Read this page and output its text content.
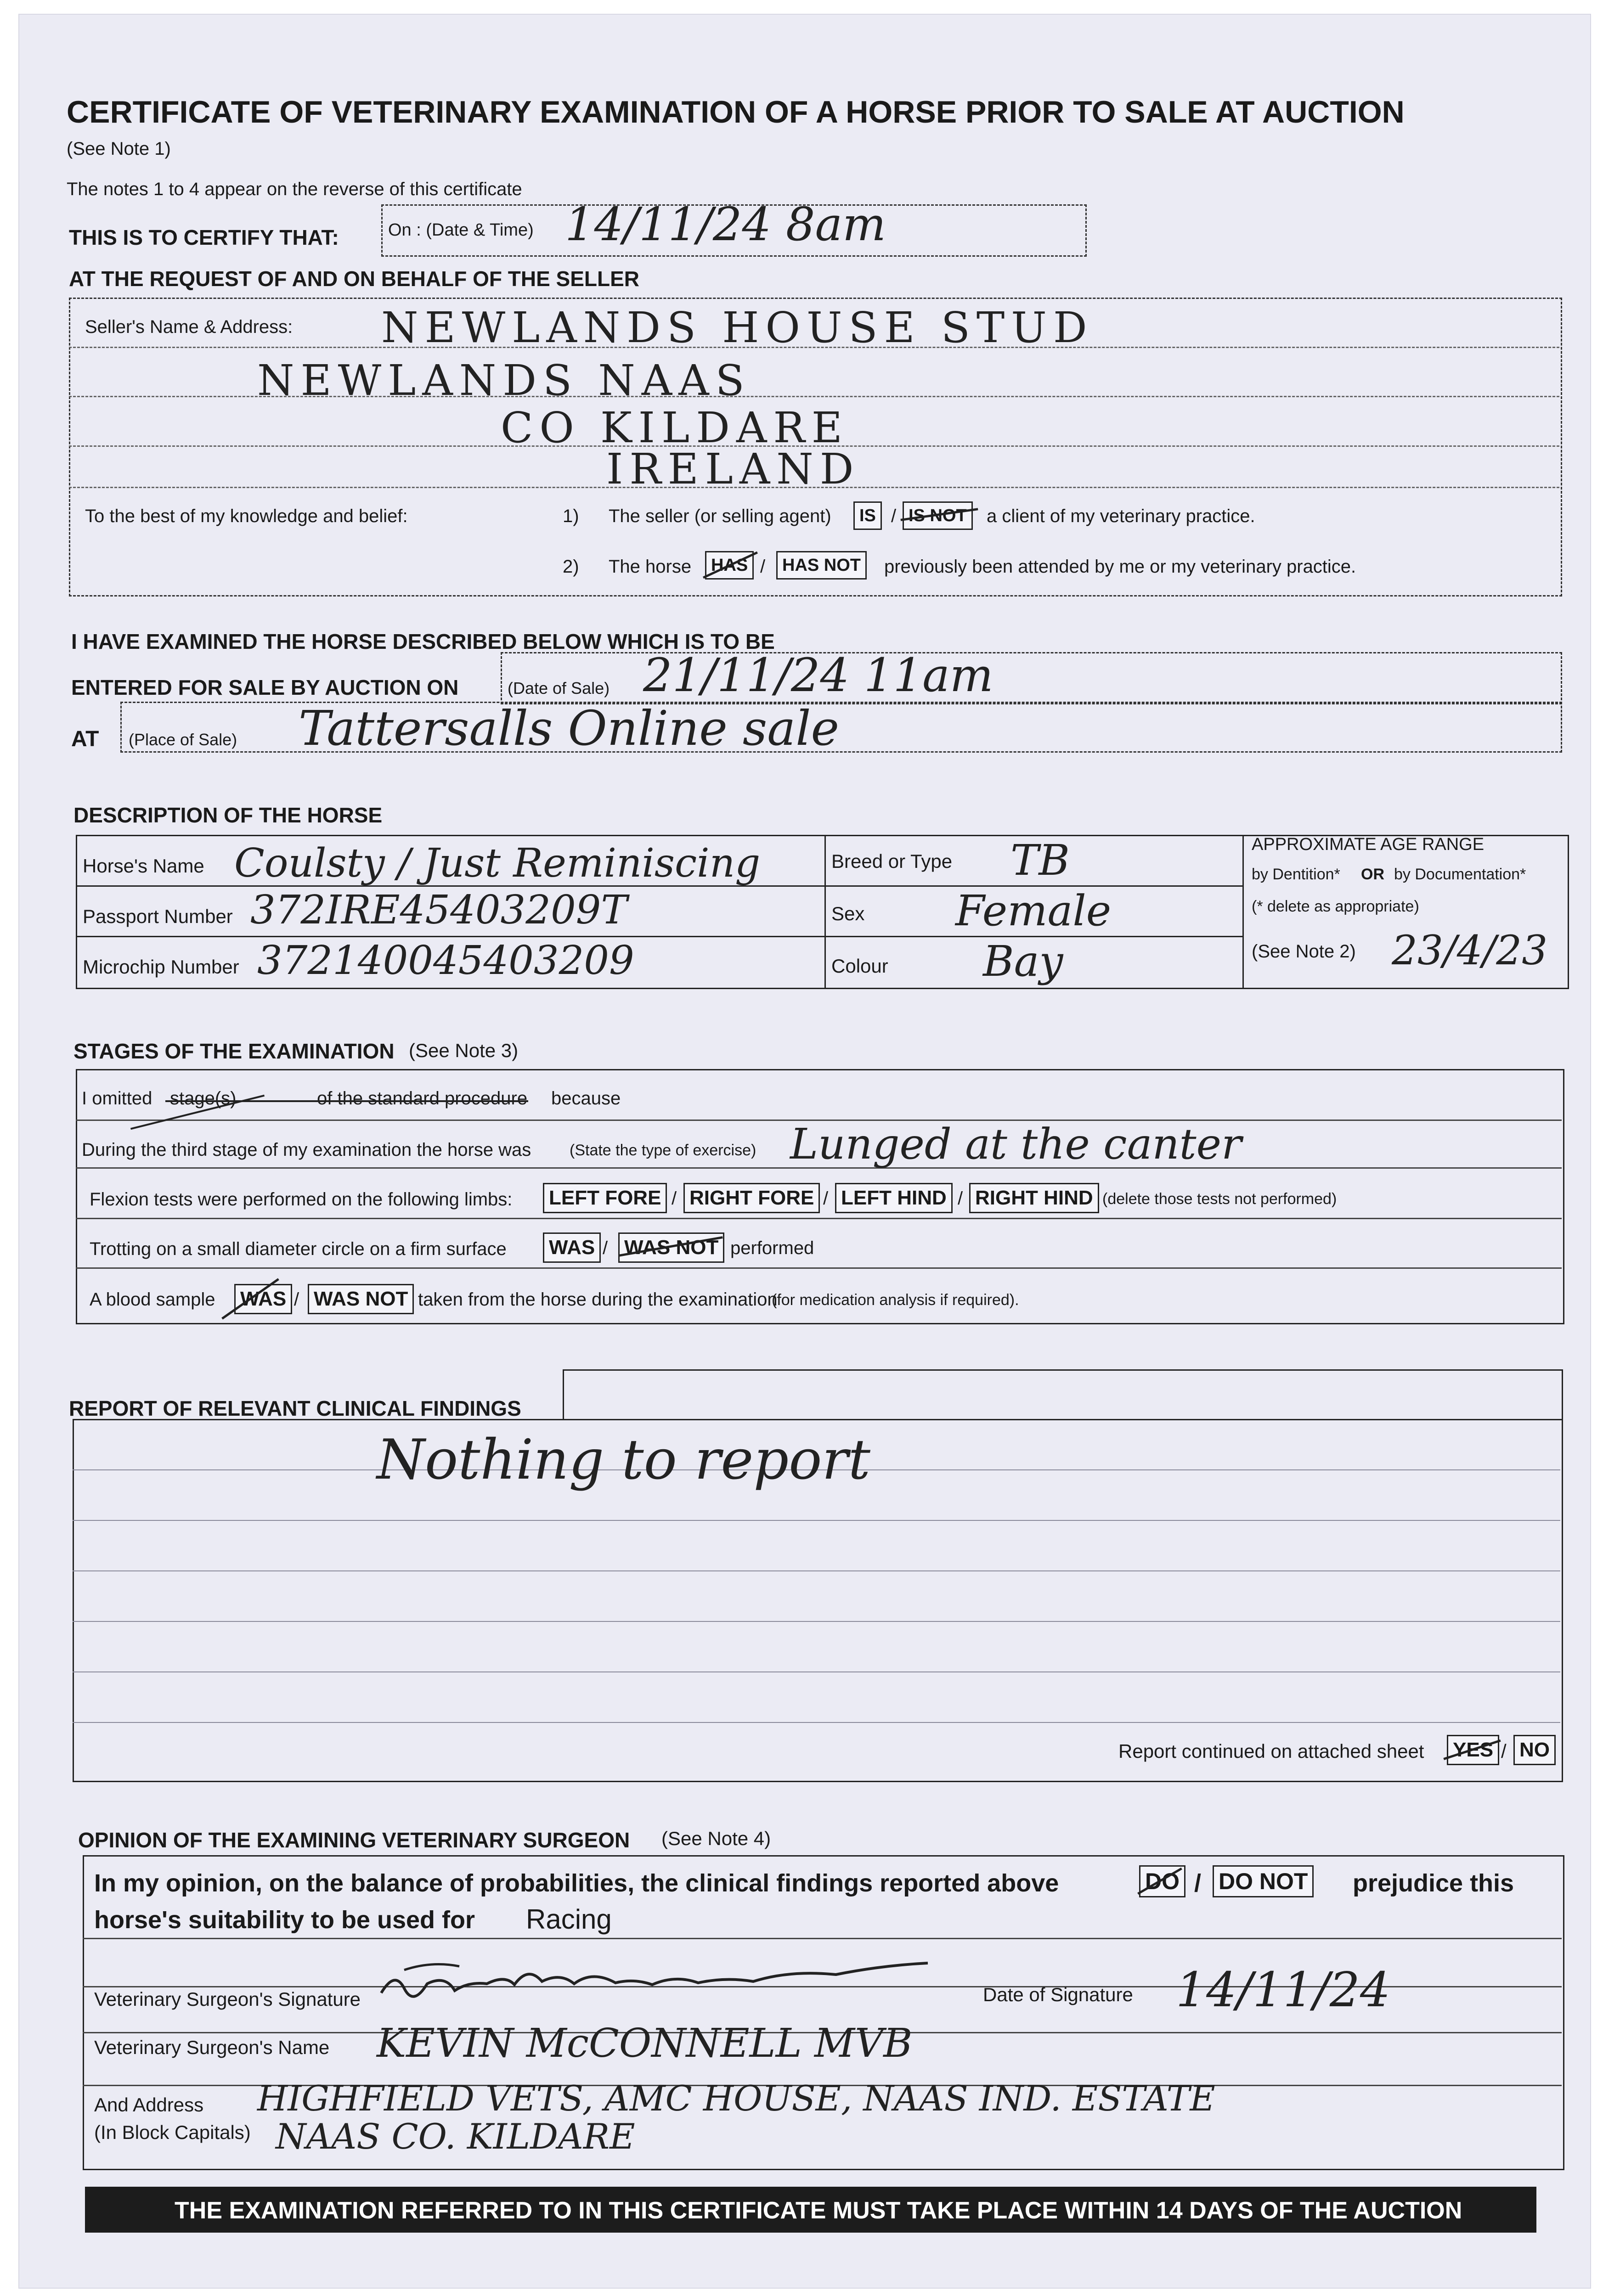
CERTIFICATE OF VETERINARY EXAMINATION OF A HORSE PRIOR TO SALE AT AUCTION
(See Note 1)
The notes 1 to 4 appear on the reverse of this certificate
THIS IS TO CERTIFY THAT:	On : (Date & Time) 14/11/24 8am
AT THE REQUEST OF AND ON BEHALF OF THE SELLER
Seller's Name & Address: NEWLANDS HOUSE STUD
NEWLANDS NAAS
CO KILDARE
IRELAND
To the best of my knowledge and belief:	1) The seller (or selling agent)	IS / IS NOT	a client of my veterinary practice.
2) The horse	HAS / HAS NOT	previously been attended by me or my veterinary practice.
I HAVE EXAMINED THE HORSE DESCRIBED BELOW WHICH IS TO BE
ENTERED FOR SALE BY AUCTION ON	(Date of Sale) 21/11/24 11am
AT (Place of Sale) Tattersalls Online sale
DESCRIPTION OF THE HORSE
Horse's Name Coulsty / Just Reminiscing
Passport Number 372IRE45403209T
Microchip Number 372140045403209
Breed or Type TB
Sex Female
Colour Bay
APPROXIMATE AGE RANGE
by Dentition* OR by Documentation*
(* delete as appropriate)
(See Note 2) 23/4/23
STAGES OF THE EXAMINATION (See Note 3)
I omitted stage(s)	of the standard procedure because
During the third stage of my examination the horse was (State the type of exercise) Lunged at the canter
Flexion tests were performed on the following limbs: LEFT FORE / RIGHT FORE / LEFT HIND / RIGHT HIND (delete those tests not performed)
Trotting on a small diameter circle on a firm surface WAS / WAS NOT performed
A blood sample WAS / WAS NOT taken from the horse during the examination
(for medication analysis if required).
REPORT OF RELEVANT CLINICAL FINDINGS
Nothing to report
Report continued on attached sheet YES / NO
OPINION OF THE EXAMINING VETERINARY SURGEON (See Note 4)
In my opinion, on the balance of probabilities, the clinical findings reported above	DO / DO NOT prejudice this
horse's suitability to be used for Racing
Veterinary Surgeon's Signature	Date of Signature 14/11/24
Veterinary Surgeon's Name KEVIN McCONNELL MVB
And Address
(In Block Capitals)
HIGHFIELD VETS, AMC HOUSE, NAAS IND. ESTATE
NAAS CO. KILDARE
THE EXAMINATION REFERRED TO IN THIS CERTIFICATE MUST TAKE PLACE WITHIN 14 DAYS OF THE AUCTION
